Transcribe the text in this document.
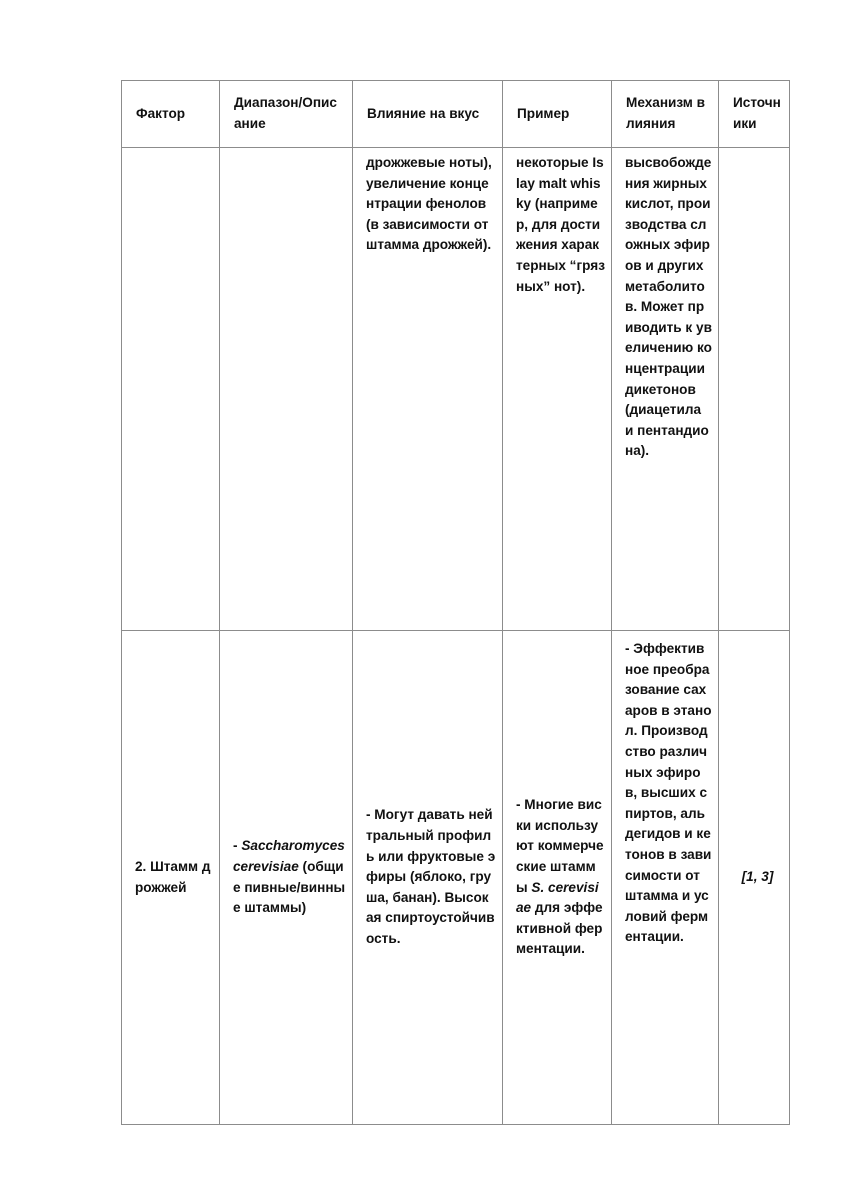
Фактор	Диапазон/Описание	Влияние на вкус	Пример	Механизм влияния	Источники
		дрожжевые ноты), увеличение концентрации фенолов (в зависимости от штамма дрожжей).	некоторые Islay malt whisky (например, для достижения характерных “грязных” нот).	высвобождения жирных кислот, производства сложных эфиров и других метаболитов. Может приводить к увеличению концентрации дикетонов (диацетила и пентандиона).	
2. Штамм дрожжей	- Saccharomyces cerevisiae (общие пивные/винные штаммы)	- Могут давать нейтральный профиль или фруктовые эфиры (яблоко, груша, банан). Высокая спиртоустойчивость.	- Многие виски используют коммерческие штаммы S. cerevisiae для эффективной ферментации.	- Эффективное преобразование сахаров в этанол. Производство различных эфиров, высших спиртов, альдегидов и кетонов в зависимости от штамма и условий ферментации.	[1, 3]
